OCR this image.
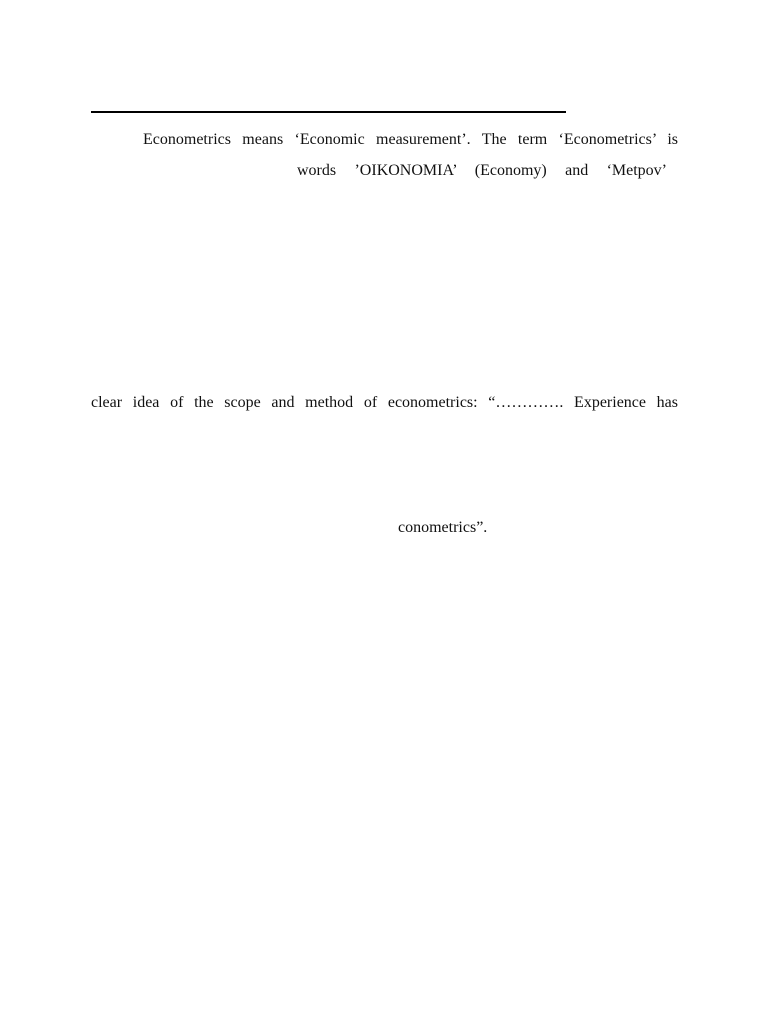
Econometrics means ‘Economic measurement’. The term ‘Econometrics’ is
words ’OIKONOMIA’ (Economy) and ‘Metpov’
clear idea of the scope and method of econometrics: “…………. Experience has
conometrics”.
